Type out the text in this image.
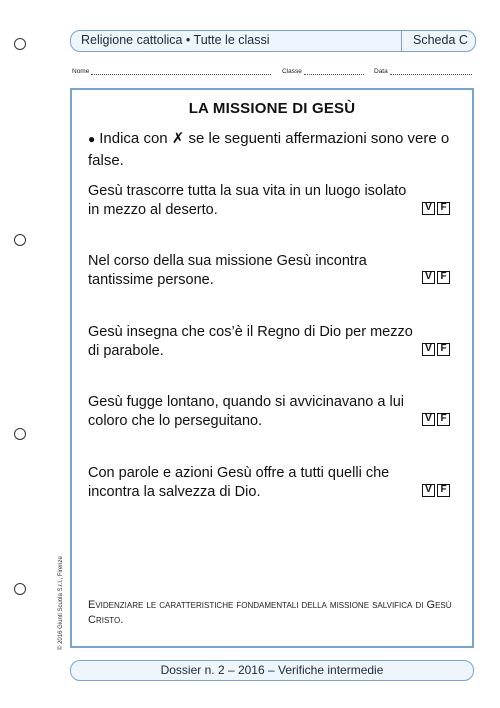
Religione cattolica • Tutte le classi	Scheda C
Nome	Classe	Data
LA MISSIONE DI GESÙ
● Indica con ✗ se le seguenti affermazioni sono vere o false.
Gesù trascorre tutta la sua vita in un luogo isolato in mezzo al deserto.	V F
Nel corso della sua missione Gesù incontra tantissime persone.	V F
Gesù insegna che cos’è il Regno di Dio per mezzo di parabole.	V F
Gesù fugge lontano, quando si avvicinavano a lui coloro che lo perseguitano.	V F
Con parole e azioni Gesù offre a tutti quelli che incontra la salvezza di Dio.	V F
Evidenziare le caratteristiche fondamentali della missione salvifica di Gesù Cristo.
© 2016 Giunti Scuola S.r.l., Firenze
Dossier n. 2 – 2016 – Verifiche intermedie
